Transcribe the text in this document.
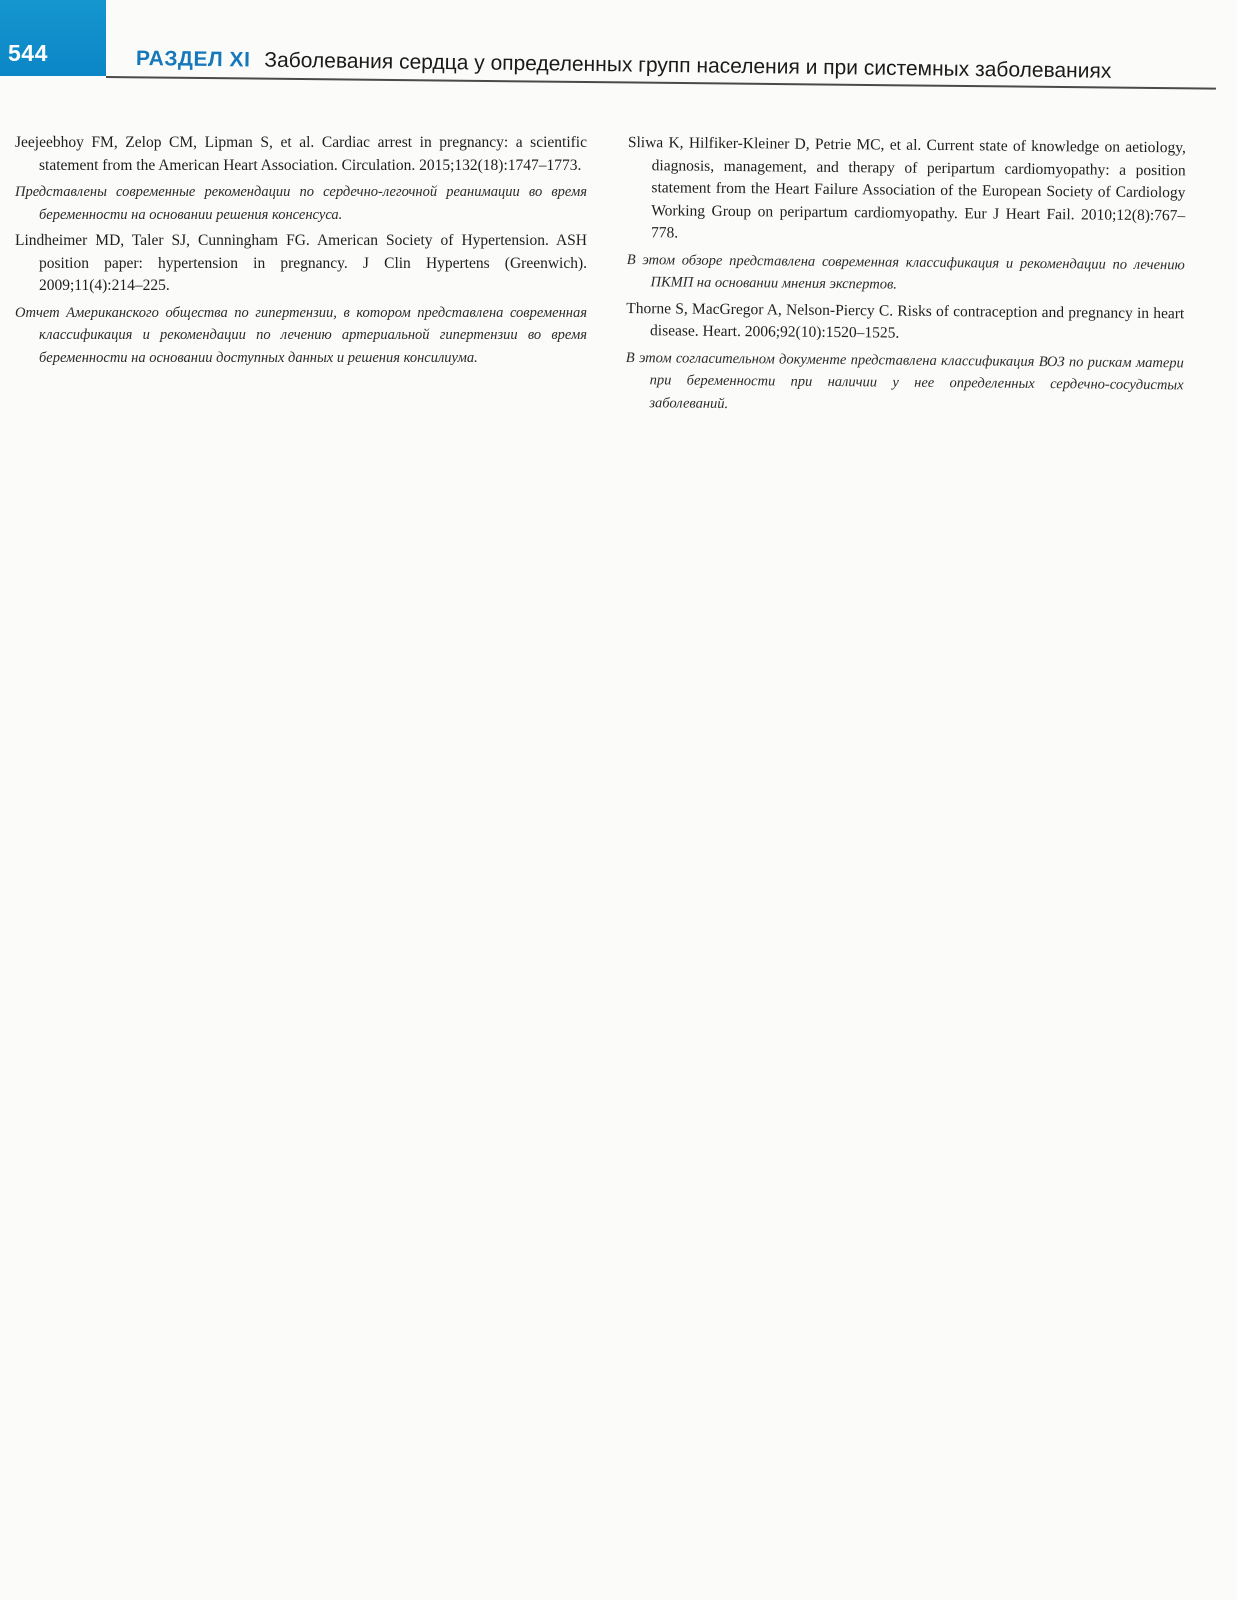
544	РАЗДЕЛ XI Заболевания сердца у определенных групп населения и при системных заболеваниях

Jeejeebhoy FM, Zelop CM, Lipman S, et al. Cardiac arrest in pregnancy: a scientific statement from the American Heart Association. Circulation. 2015;132(18):1747–1773.

Представлены современные рекомендации по сердечно-легочной реанимации во время беременности на основании решения консенсуса.

Lindheimer MD, Taler SJ, Cunningham FG. American Society of Hypertension. ASH position paper: hypertension in pregnancy. J Clin Hypertens (Greenwich). 2009;11(4):214–225.

Отчет Американского общества по гипертензии, в котором представлена современная классификация и рекомендации по лечению артериальной гипертензии во время беременности на основании доступных данных и решения консилиума.

Sliwa K, Hilfiker-Kleiner D, Petrie MC, et al. Current state of knowledge on aetiology, diagnosis, management, and therapy of peripartum cardiomyopathy: a position statement from the Heart Failure Association of the European Society of Cardiology Working Group on peripartum cardiomyopathy. Eur J Heart Fail. 2010;12(8):767–778.

В этом обзоре представлена современная классификация и рекомендации по лечению ПКМП на основании мнения экспертов.

Thorne S, MacGregor A, Nelson-Piercy C. Risks of contraception and pregnancy in heart disease. Heart. 2006;92(10):1520–1525.

В этом согласительном документе представлена классификация ВОЗ по рискам матери при беременности при наличии у нее определенных сердечно-сосудистых заболеваний.
